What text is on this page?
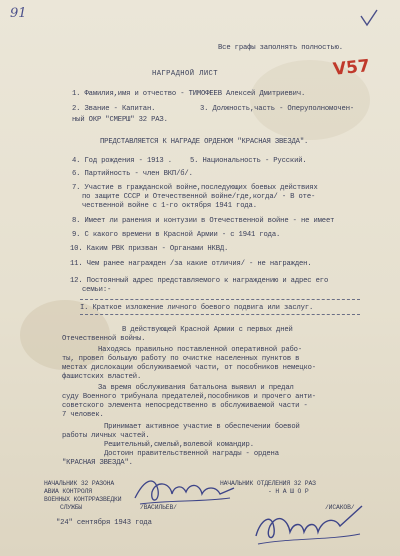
91
Все графы заполнять полностью.
V57
НАГРАДНОЙ ЛИСТ
1. Фамилия,имя и отчество - ТИМОФЕЕВ Алексей Дмитриевич.
2. Звание - Капитан.	3. Должность,часть - Оперуполномочен-
ный ОКР "СМЕРШ" 32 РАЗ.
ПРЕДСТАВЛЯЕТСЯ К НАГРАДЕ ОРДЕНОМ "КРАСНАЯ ЗВЕЗДА".
4. Год рождения - 1913 .	5. Национальность - Русский.
6. Партийность - член ВКП/б/.
7. Участие в гражданской войне,последующих боевых действиях
по защите СССР и Отечественной войне/где,когда/ - В оте-
чественной войне с 1-го октября 1941 года.
8. Имеет ли ранения и контузии в Отечественной войне - не имеет
9. С какого времени в Красной Армии - с 1941 года.
10. Каким РВК призван - Органами НКВД.
11. Чем ранее награжден /за какие отличия/ - не награжден.
12. Постоянный адрес представляемого к награждению и адрес его
семьи:-
I. Краткое изложение личного боевого подвига или заслуг.
В действующей Красной Армии с первых дней
Отечественной войны.
Находясь правильно поставленной оперативной рабо-
ты, провел большую работу по очистке населенных пунктов в
местах дислокации обслуживаемой части, от пособников немецко-
фашистских властей.
За время обслуживания батальона выявил и предал
суду Военного трибунала предателей,пособников и прочего анти-
советского элемента непосредственно в обслуживаемой части -
7 человек.
Принимает активное участие в обеспечении боевой
работы личных частей.
Решительный,смелый,волевой командир.
Достоин правительственной награды - ордена
"КРАСНАЯ ЗВЕЗДА".
НАЧАЛЬНИК 32 РАЗОНА
АВИА КОНТРОЛЯ
ВОЕННЫХ КОНТРРАЗВЕДКИ
СЛУЖБЫ	/ВАСИЛЬЕВ/
НАЧАЛЬНИК ОТДЕЛЕНИЯ 32 РАЗ
- Н А Ш О Р
/ИСАКОВ/
"24" сентября 1943 года
